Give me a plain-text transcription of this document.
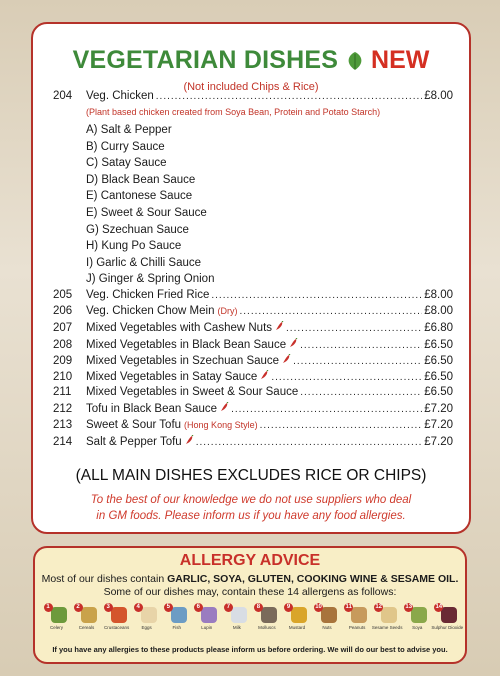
VEGETARIAN DISHES NEW
(Not included Chips & Rice)
204	Veg. Chicken .....	£8.00
(Plant based chicken created from Soya Bean, Protein and Potato Starch)
A) Salt & Pepper
B) Curry Sauce
C) Satay Sauce
D) Black Bean Sauce
E) Cantonese Sauce
E) Sweet & Sour Sauce
G) Szechuan Sauce
H) Kung Po Sauce
I) Garlic & Chilli Sauce
J) Ginger & Spring Onion
205	Veg. Chicken Fried Rice .....	£8.00
206	Veg. Chicken Chow Mein (Dry) .....	£8.00
207	Mixed Vegetables with Cashew Nuts .....	£6.80
208	Mixed Vegetables in Black Bean Sauce .....	£6.50
209	Mixed Vegetables in Szechuan Sauce .....	£6.50
210	Mixed Vegetables in Satay Sauce .....	£6.50
211	Mixed Vegetables in Sweet & Sour Sauce .....	£6.50
212	Tofu in Black Bean Sauce .....	£7.20
213	Sweet & Sour Tofu (Hong Kong Style) .....	£7.20
214	Salt & Pepper Tofu .....	£7.20
(ALL MAIN DISHES EXCLUDES RICE OR CHIPS)
To the best of our knowledge we do not use suppliers who deal
in GM foods. Please inform us if you have any food allergies.
ALLERGY ADVICE
Most of our dishes contain GARLIC, SOYA, GLUTEN, COOKING WINE & SESAME OIL.
Some of our dishes may, contain these 14 allergens as follows:
1
Celery
2
Cereals
3
Crustaceans
4
Eggs
5
Fish
6
Lupin
7
Milk
8
Molluscs
9
Mustard
10
Nuts
11
Peanuts
12
Sesame Seeds
13
Soya
14
Sulphur Dioxide
If you have any allergies to these products please inform us before ordering. We will do our best to advise you.
